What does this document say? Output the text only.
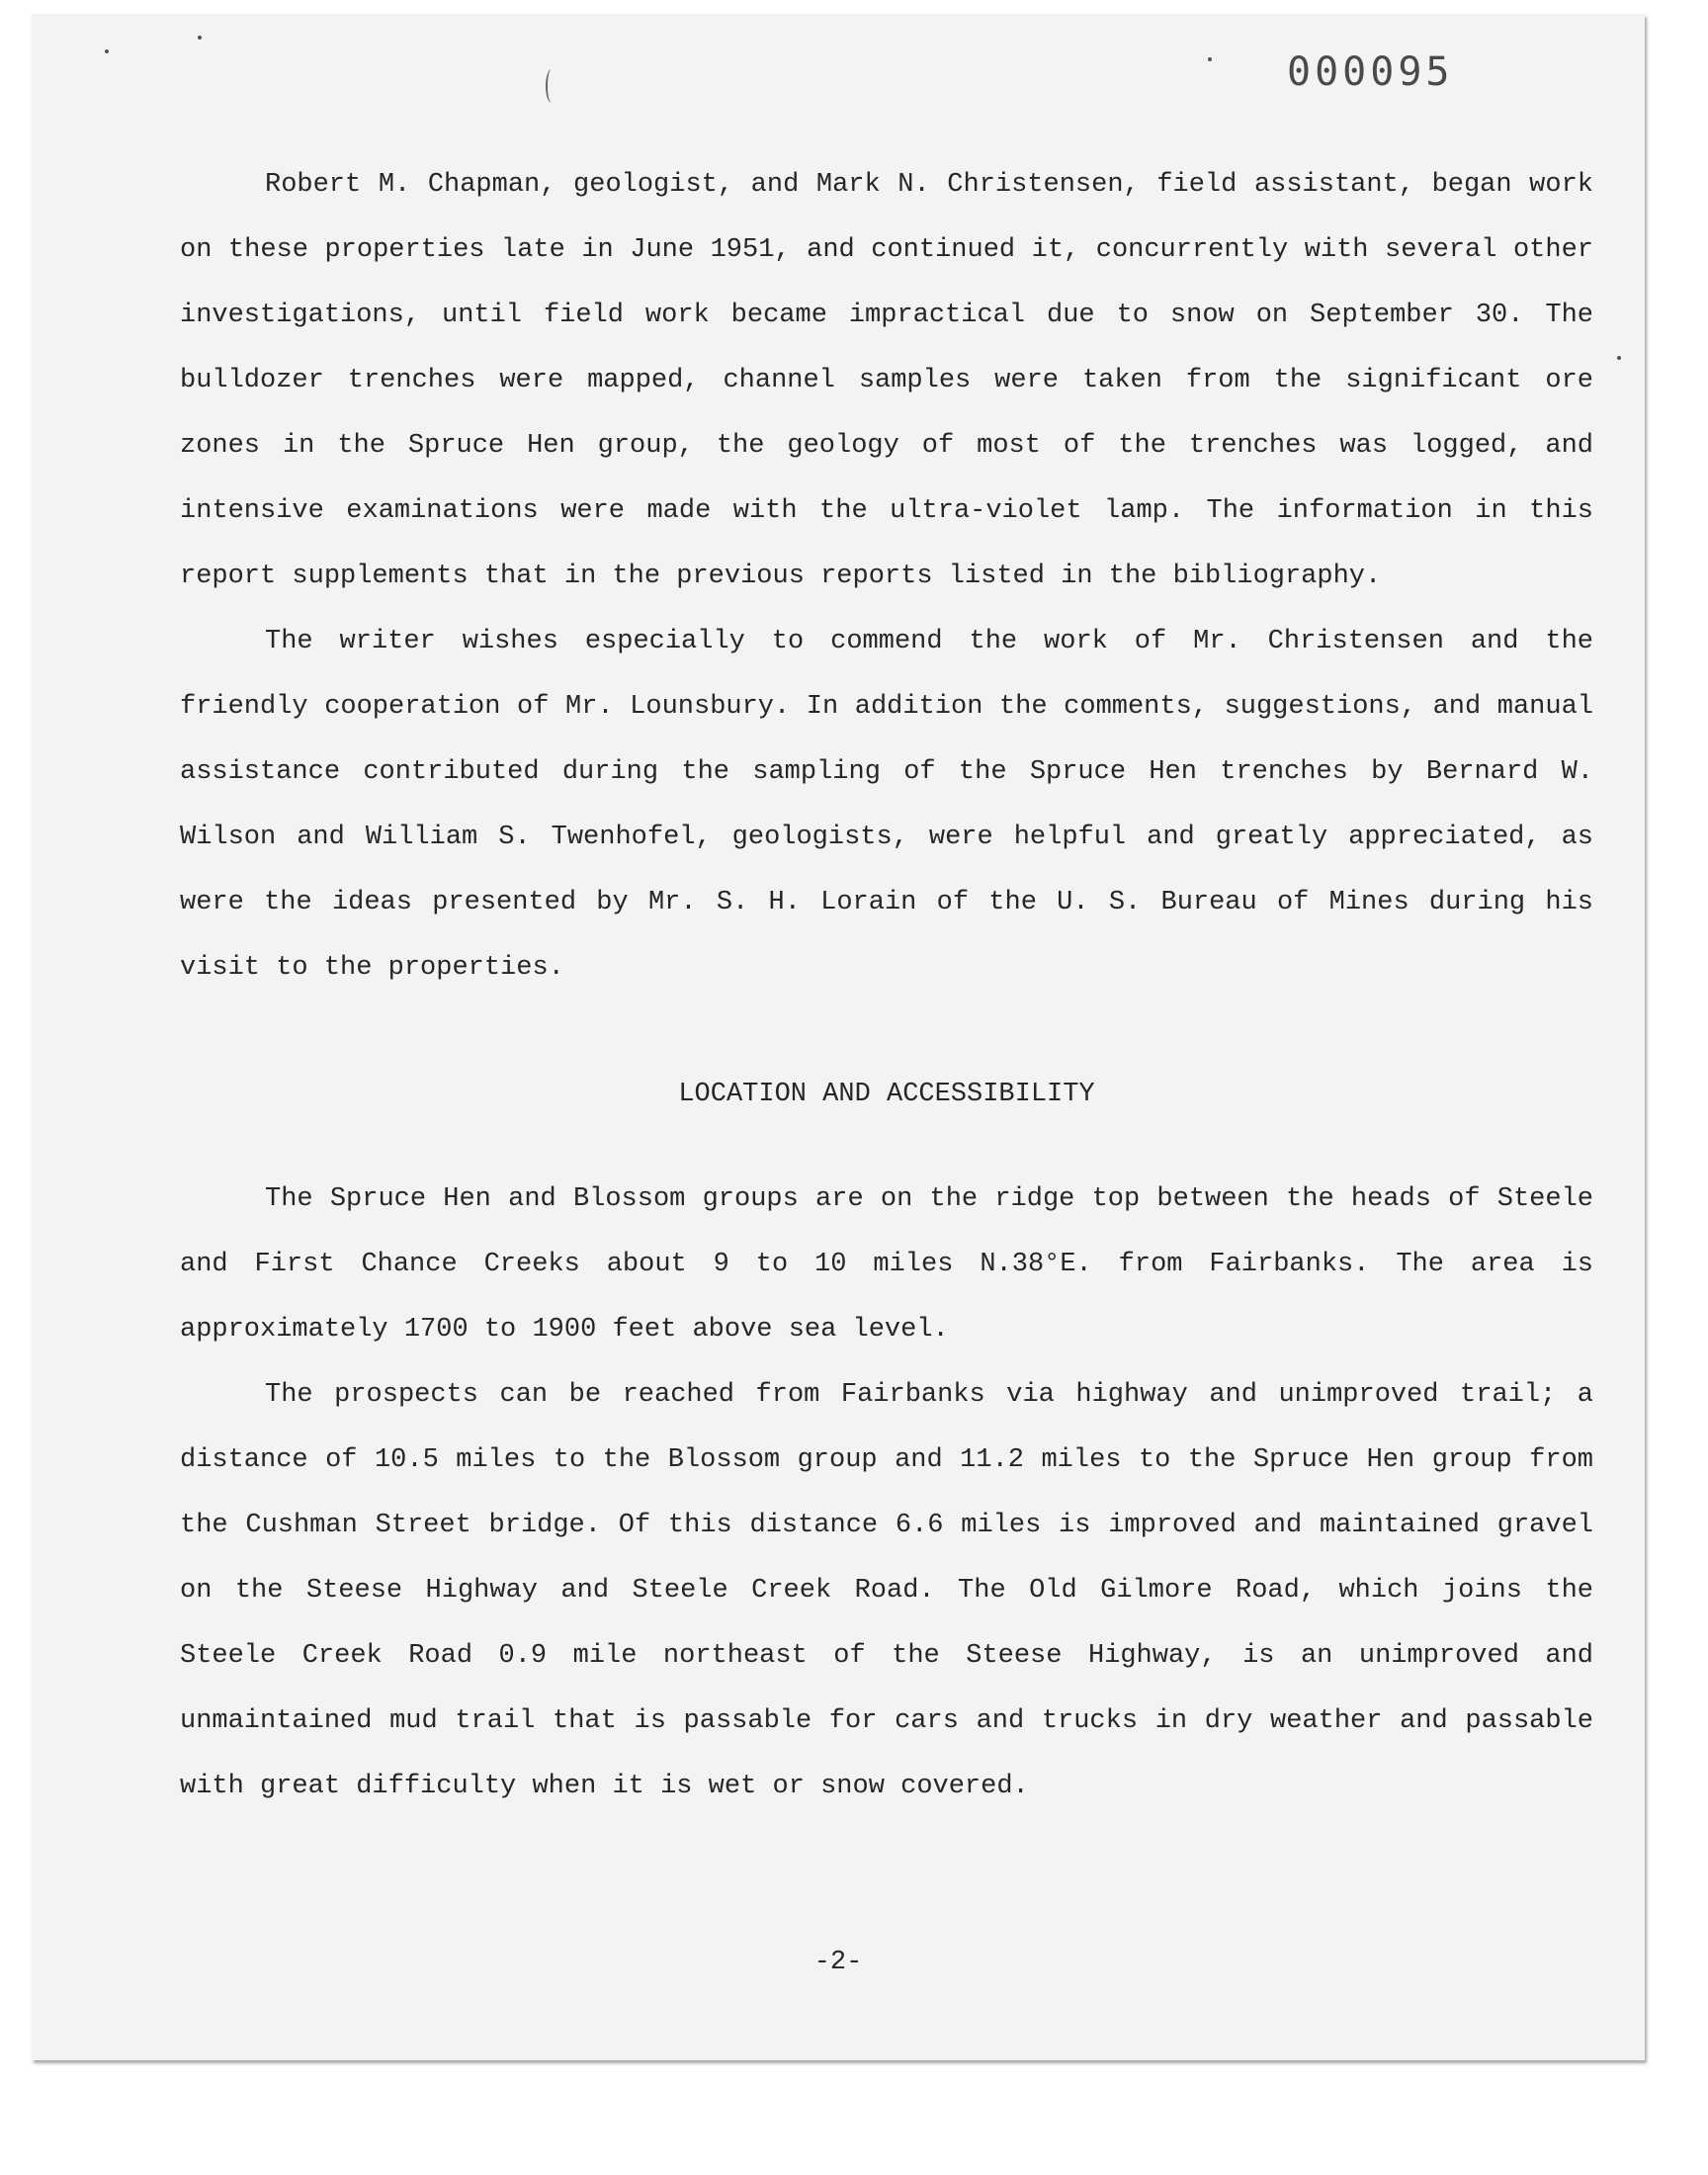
000095

Robert M. Chapman, geologist, and Mark N. Christensen, field assistant, began work on these properties late in June 1951, and continued it, concurrently with several other investigations, until field work became impractical due to snow on September 30. The bulldozer trenches were mapped, channel samples were taken from the significant ore zones in the Spruce Hen group, the geology of most of the trenches was logged, and intensive examinations were made with the ultra-violet lamp. The information in this report supplements that in the previous reports listed in the bibliography.

The writer wishes especially to commend the work of Mr. Christensen and the friendly cooperation of Mr. Lounsbury. In addition the comments, suggestions, and manual assistance contributed during the sampling of the Spruce Hen trenches by Bernard W. Wilson and William S. Twenhofel, geologists, were helpful and greatly appreciated, as were the ideas presented by Mr. S. H. Lorain of the U. S. Bureau of Mines during his visit to the properties.

LOCATION AND ACCESSIBILITY

The Spruce Hen and Blossom groups are on the ridge top between the heads of Steele and First Chance Creeks about 9 to 10 miles N.38°E. from Fairbanks. The area is approximately 1700 to 1900 feet above sea level.

The prospects can be reached from Fairbanks via highway and unimproved trail; a distance of 10.5 miles to the Blossom group and 11.2 miles to the Spruce Hen group from the Cushman Street bridge. Of this distance 6.6 miles is improved and maintained gravel on the Steese Highway and Steele Creek Road. The Old Gilmore Road, which joins the Steele Creek Road 0.9 mile northeast of the Steese Highway, is an unimproved and unmaintained mud trail that is passable for cars and trucks in dry weather and passable with great difficulty when it is wet or snow covered.

-2-
